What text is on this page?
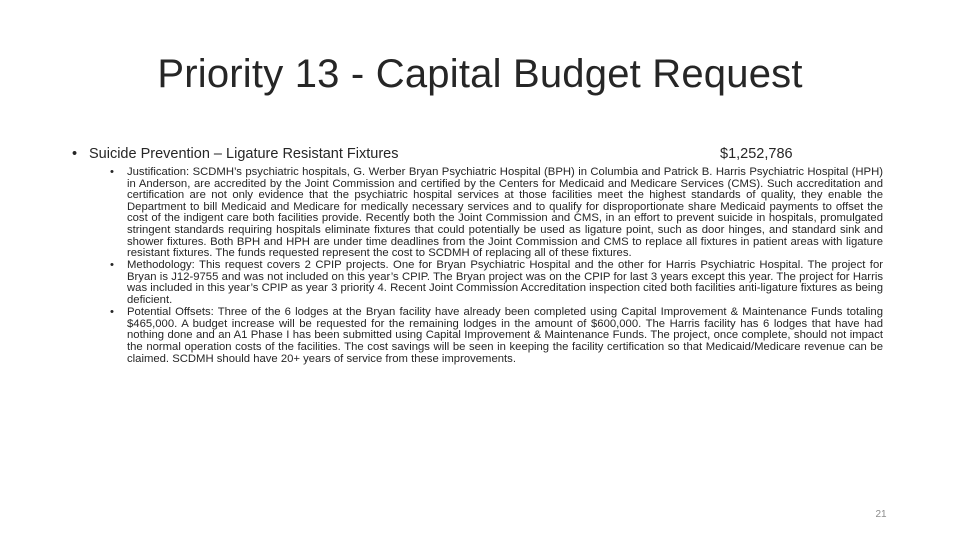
Priority 13 - Capital Budget Request
• Suicide Prevention – Ligature Resistant Fixtures	$1,252,786
• Justification: SCDMH’s psychiatric hospitals, G. Werber Bryan Psychiatric Hospital (BPH) in Columbia and Patrick B. Harris Psychiatric Hospital (HPH) in Anderson, are accredited by the Joint Commission and certified by the Centers for Medicaid and Medicare Services (CMS). Such accreditation and certification are not only evidence that the psychiatric hospital services at those facilities meet the highest standards of quality, they enable the Department to bill Medicaid and Medicare for medically necessary services and to qualify for disproportionate share Medicaid payments to offset the cost of the indigent care both facilities provide. Recently both the Joint Commission and CMS, in an effort to prevent suicide in hospitals, promulgated stringent standards requiring hospitals eliminate fixtures that could potentially be used as ligature point, such as door hinges, and standard sink and shower fixtures. Both BPH and HPH are under time deadlines from the Joint Commission and CMS to replace all fixtures in patient areas with ligature resistant fixtures. The funds requested represent the cost to SCDMH of replacing all of these fixtures.
• Methodology: This request covers 2 CPIP projects. One for Bryan Psychiatric Hospital and the other for Harris Psychiatric Hospital. The project for Bryan is J12-9755 and was not included on this year’s CPIP. The Bryan project was on the CPIP for last 3 years except this year. The project for Harris was included in this year’s CPIP as year 3 priority 4. Recent Joint Commission Accreditation inspection cited both facilities anti-ligature fixtures as being deficient.
• Potential Offsets: Three of the 6 lodges at the Bryan facility have already been completed using Capital Improvement & Maintenance Funds totaling $465,000. A budget increase will be requested for the remaining lodges in the amount of $600,000. The Harris facility has 6 lodges that have had nothing done and an A1 Phase I has been submitted using Capital Improvement & Maintenance Funds. The project, once complete, should not impact the normal operation costs of the facilities. The cost savings will be seen in keeping the facility certification so that Medicaid/Medicare revenue can be claimed. SCDMH should have 20+ years of service from these improvements.
21
